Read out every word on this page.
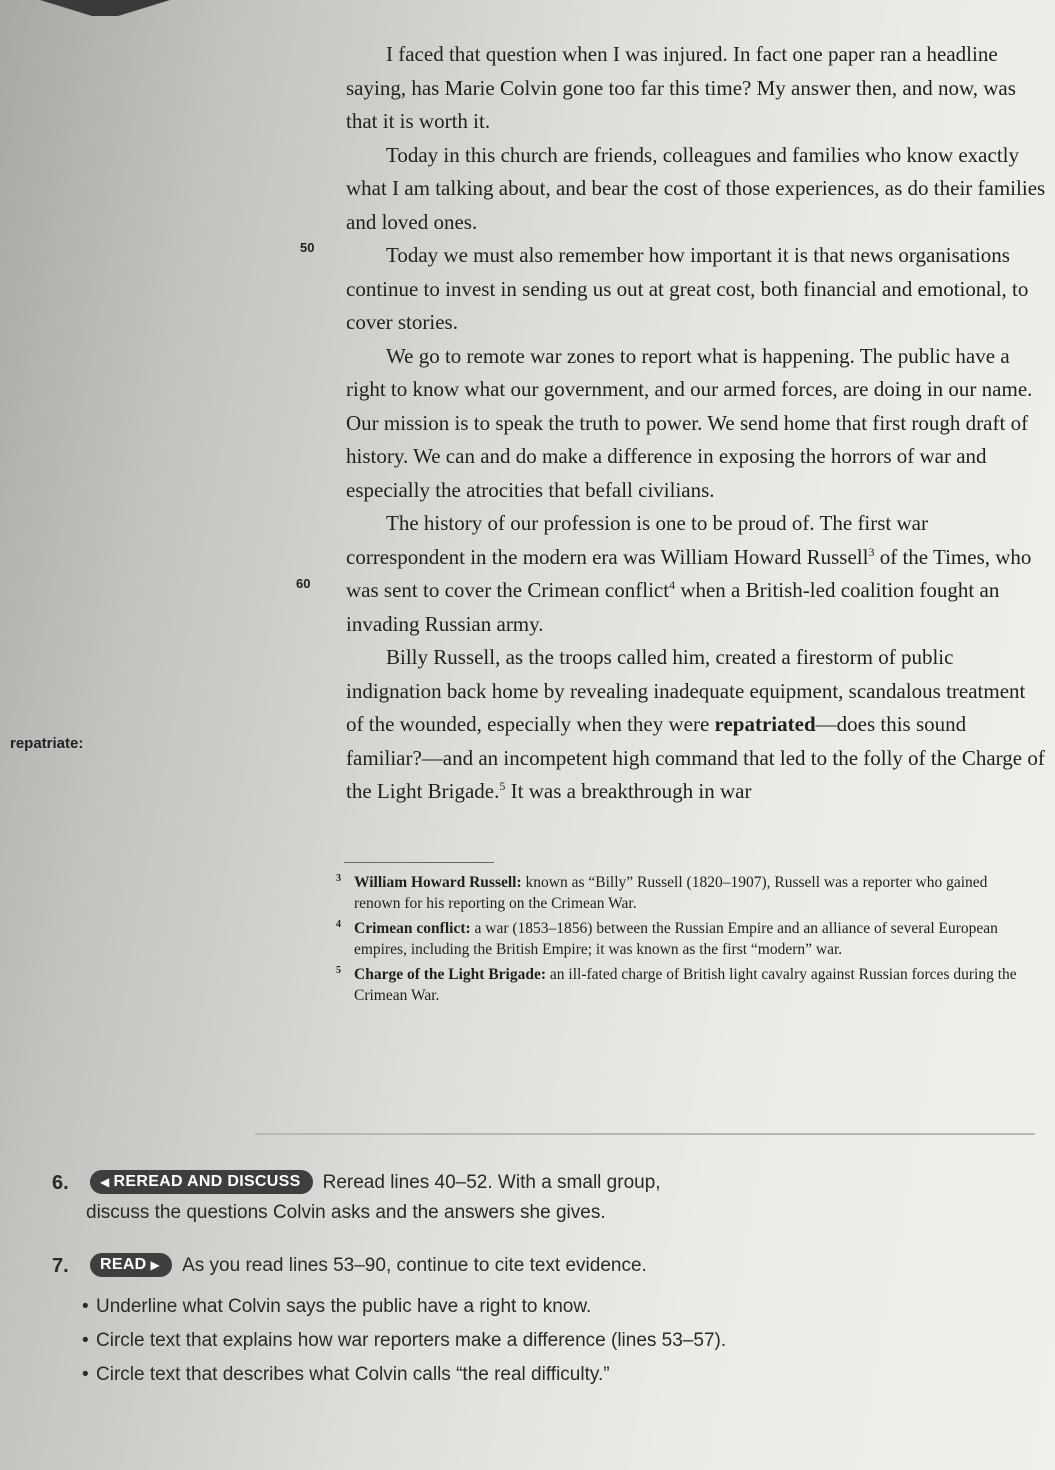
50
60
repatriate:

I faced that question when I was injured. In fact one paper ran a headline saying, has Marie Colvin gone too far this time? My answer then, and now, was that it is worth it.

Today in this church are friends, colleagues and families who know exactly what I am talking about, and bear the cost of those experiences, as do their families and loved ones.

Today we must also remember how important it is that news organisations continue to invest in sending us out at great cost, both financial and emotional, to cover stories.

We go to remote war zones to report what is happening. The public have a right to know what our government, and our armed forces, are doing in our name. Our mission is to speak the truth to power. We send home that first rough draft of history. We can and do make a difference in exposing the horrors of war and especially the atrocities that befall civilians.

The history of our profession is one to be proud of. The first war correspondent in the modern era was William Howard Russell$^3$ of the Times, who was sent to cover the Crimean conflict$^4$ when a British-led coalition fought an invading Russian army.

Billy Russell, as the troops called him, created a firestorm of public indignation back home by revealing inadequate equipment, scandalous treatment of the wounded, especially when they were repatriated—does this sound familiar?—and an incompetent high command that led to the folly of the Charge of the Light Brigade.$^5$ It was a breakthrough in war

3 William Howard Russell: known as “Billy” Russell (1820–1907), Russell was a reporter who gained renown for his reporting on the Crimean War.
4 Crimean conflict: a war (1853–1856) between the Russian Empire and an alliance of several European empires, including the British Empire; it was known as the first “modern” war.
5 Charge of the Light Brigade: an ill-fated charge of British light cavalry against Russian forces during the Crimean War.
6.	◀ REREAD AND DISCUSS Reread lines 40–52. With a small group,
discuss the questions Colvin asks and the answers she gives.
7.	READ ▶ As you read lines 53–90, continue to cite text evidence.
• Underline what Colvin says the public have a right to know.
• Circle text that explains how war reporters make a difference (lines 53–57).
• Circle text that describes what Colvin calls “the real difficulty.”
